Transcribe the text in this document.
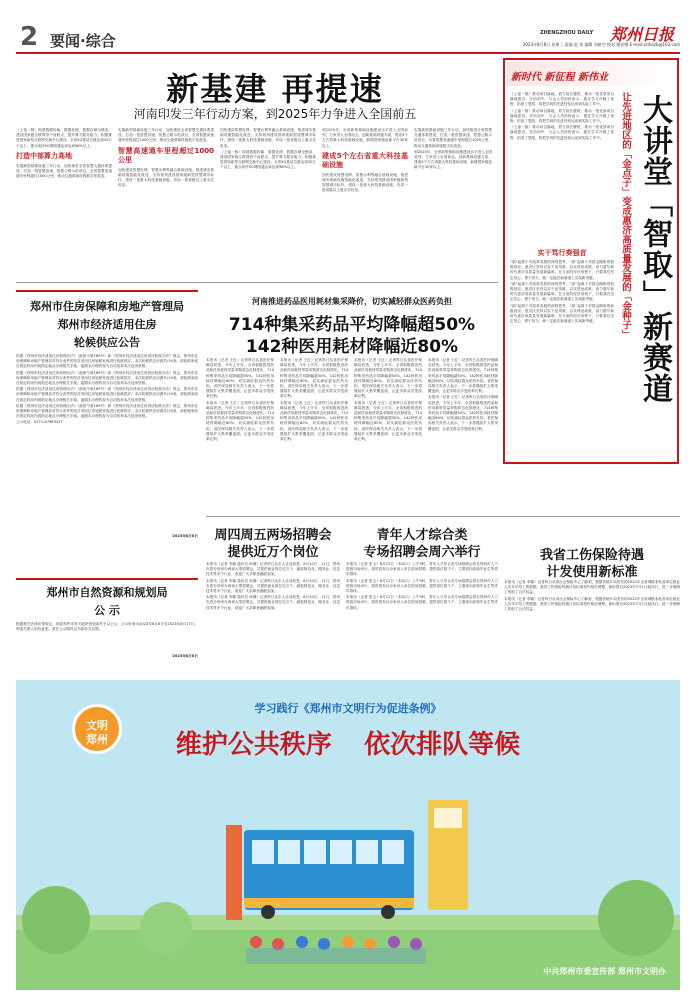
2 要闻·综合	ZHENGZHOU DAILY 郑州日报
2023年8月8日 星期二 责编 赵 伟 编辑 刘新宇 校对 谢安娜 E-mail:zzrbszb@163.com
新基建 再提速
河南印发三年行动方案，到2025年力争进入全国前五

（上接一版）构建数据传输、数据处理、数据存储全链条，建设国家级互联网骨干直联点，提升算力服务能力。积极推进国家新型互联网交换中心建设。全省5G基站总数达到20万个以上，重点场所5G网络通达率达到98%以上。

打造中部算力高地

实施新型基础设施三年行动，加快推进全省智慧交通体系建设，打造一批智慧高速、智慧公路示范项目，全省智慧高速通车里程超过1000公里，推动交通基础设施数字化改造。

实施新型基础设施三年行动，加快推进全省智慧交通体系建设，打造一批智慧高速、智慧公路示范项目，全省智慧高速通车里程超过1000公里，推动交通基础设施数字化改造。

智慧高速通车里程超过1000公里

加快建设智慧电网、智慧水利等融合基础设施，推进城市基础设施智能化改造，支持郑州建设国家级新型智慧城市标杆。建设一批重大科技基础设施，布局一批省级以上重点实验室。

加快建设智慧电网、智慧水利等融合基础设施，推进城市基础设施智能化改造，支持郑州建设国家级新型智慧城市标杆。建设一批重大科技基础设施，布局一批省级以上重点实验室。

（上接一版）构建数据传输、数据处理、数据存储全链条，建设国家级互联网骨干直联点，提升算力服务能力。积极推进国家新型互联网交换中心建设。全省5G基站总数达到20万个以上，重点场所5G网络通达率达到98%以上。

到2025年，全省新型基础设施建设水平进入全国前列，力争进入全国前五。创新基础设施方面，建成5个左右省重大科技基础设施，新增国家级创新平台30家以上。

建成5个左右省重大科技基础设施

加快建设智慧电网、智慧水利等融合基础设施，推进城市基础设施智能化改造，支持郑州建设国家级新型智慧城市标杆。建设一批重大科技基础设施，布局一批省级以上重点实验室。

实施新型基础设施三年行动，加快推进全省智慧交通体系建设，打造一批智慧高速、智慧公路示范项目，全省智慧高速通车里程超过1000公里，推动交通基础设施数字化改造。

到2025年，全省新型基础设施建设水平进入全国前列，力争进入全国前五。创新基础设施方面，建成5个左右省重大科技基础设施，新增国家级创新平台30家以上。

新时代 新征程 新伟业

（上接一版）推动项目落地，着力扬长避短，推动一批优质项目落地惠济。在培训中，与会人员纷纷表示，通过学习开阔了视野、拓宽了思路，将把学到的先进经验运用到实际工作中。

（上接一版）推动项目落地，着力扬长避短，推动一批优质项目落地惠济。在培训中，与会人员纷纷表示，通过学习开阔了视野、拓宽了思路，将把学到的先进经验运用到实际工作中。

（上接一版）推动项目落地，着力扬长避短，推动一批优质项目落地惠济。在培训中，与会人员纷纷表示，通过学习开阔了视野、拓宽了思路，将把学到的先进经验运用到实际工作中。

实干笃行奏强音

“那”起源于对改革发展的深刻思考，“那”起源于对群众期盼的积极回应。惠济区坚持以实干论英雄，以实绩论成败，奋力谱写新时代惠济高质量发展新篇章。在当前的经济形势下，只要我们坚定信心，勇于担当，就一定能在新赛道上实现新突破。

“那”起源于对改革发展的深刻思考，“那”起源于对群众期盼的积极回应。惠济区坚持以实干论英雄，以实绩论成败，奋力谱写新时代惠济高质量发展新篇章。在当前的经济形势下，只要我们坚定信心，勇于担当，就一定能在新赛道上实现新突破。

“那”起源于对改革发展的深刻思考，“那”起源于对群众期盼的积极回应。惠济区坚持以实干论英雄，以实绩论成败，奋力谱写新时代惠济高质量发展新篇章。在当前的经济形势下，只要我们坚定信心，勇于担当，就一定能在新赛道上实现新突破。	让先进地区的「金点子」变成惠济高质量发展的「金种子」 大讲堂「智取」新赛道
郑州市住房保障和房地产管理局
郑州市经济适用住房
轮候供应公告

依据《郑州市经济适用住房管理办法》（政府令第189号）和《郑州市经济适用住房供应轮候办法》规定，郑州市住房保障和房地产管理局对符合条件的经济适用住房轮候家庭进行轮候供应。本次轮候供应房源共计4套，请轮候家庭在规定时间内到指定地点办理相关手续。逾期未办理的视为自动放弃本次选房资格。

依据《郑州市经济适用住房管理办法》（政府令第189号）和《郑州市经济适用住房供应轮候办法》规定，郑州市住房保障和房地产管理局对符合条件的经济适用住房轮候家庭进行轮候供应。本次轮候供应房源共计4套，请轮候家庭在规定时间内到指定地点办理相关手续。逾期未办理的视为自动放弃本次选房资格。

依据《郑州市经济适用住房管理办法》（政府令第189号）和《郑州市经济适用住房供应轮候办法》规定，郑州市住房保障和房地产管理局对符合条件的经济适用住房轮候家庭进行轮候供应。本次轮候供应房源共计4套，请轮候家庭在规定时间内到指定地点办理相关手续。逾期未办理的视为自动放弃本次选房资格。

依据《郑州市经济适用住房管理办法》（政府令第189号）和《郑州市经济适用住房供应轮候办法》规定，郑州市住房保障和房地产管理局对符合条件的经济适用住房轮候家庭进行轮候供应。本次轮候供应房源共计4套，请轮候家庭在规定时间内到指定地点办理相关手续。逾期未办理的视为自动放弃本次选房资格。

公示电话：0371-67983317

2023年8月8日
郑州市自然资源和规划局
公 示

根据相关法律法规规定，现将郑州市有关地块规划条件予以公示，公示时间为2023年8月8日至2023年8月17日。利害关系人如有意见，请在公示期内以书面形式反馈。

2023年8月8日
河南推进药品医用耗材集采降价，切实减轻群众医药负担
714种集采药品平均降幅超50%
142种医用耗材降幅近80%

本报讯（记者 王红）记者昨日从省医疗保障局获悉，今年上半年，全省积极推进药品和医用耗材带量采购常态化制度化，714种集采药品平均降幅超50%，142种医用耗材降幅近80%，切实减轻群众医药负担。省医保局相关负责人表示，下一步将继续扩大集采覆盖面，让更多群众享受改革红利。

本报讯（记者 王红）记者昨日从省医疗保障局获悉，今年上半年，全省积极推进药品和医用耗材带量采购常态化制度化，714种集采药品平均降幅超50%，142种医用耗材降幅近80%，切实减轻群众医药负担。省医保局相关负责人表示，下一步将继续扩大集采覆盖面，让更多群众享受改革红利。

本报讯（记者 王红）记者昨日从省医疗保障局获悉，今年上半年，全省积极推进药品和医用耗材带量采购常态化制度化，714种集采药品平均降幅超50%，142种医用耗材降幅近80%，切实减轻群众医药负担。省医保局相关负责人表示，下一步将继续扩大集采覆盖面，让更多群众享受改革红利。

本报讯（记者 王红）记者昨日从省医疗保障局获悉，今年上半年，全省积极推进药品和医用耗材带量采购常态化制度化，714种集采药品平均降幅超50%，142种医用耗材降幅近80%，切实减轻群众医药负担。省医保局相关负责人表示，下一步将继续扩大集采覆盖面，让更多群众享受改革红利。

本报讯（记者 王红）记者昨日从省医疗保障局获悉，今年上半年，全省积极推进药品和医用耗材带量采购常态化制度化，714种集采药品平均降幅超50%，142种医用耗材降幅近80%，切实减轻群众医药负担。省医保局相关负责人表示，下一步将继续扩大集采覆盖面，让更多群众享受改革红利。

本报讯（记者 王红）记者昨日从省医疗保障局获悉，今年上半年，全省积极推进药品和医用耗材带量采购常态化制度化，714种集采药品平均降幅超50%，142种医用耗材降幅近80%，切实减轻群众医药负担。省医保局相关负责人表示，下一步将继续扩大集采覆盖面，让更多群众享受改革红利。

本报讯（记者 王红）记者昨日从省医疗保障局获悉，今年上半年，全省积极推进药品和医用耗材带量采购常态化制度化，714种集采药品平均降幅超50%，142种医用耗材降幅近80%，切实减轻群众医药负担。省医保局相关负责人表示，下一步将继续扩大集采覆盖面，让更多群众享受改革红利。

本报讯（记者 王红）记者昨日从省医疗保障局获悉，今年上半年，全省积极推进药品和医用耗材带量采购常态化制度化，714种集采药品平均降幅超50%，142种医用耗材降幅近80%，切实减轻群众医药负担。省医保局相关负责人表示，下一步将继续扩大集采覆盖面，让更多群众享受改革红利。

周四周五两场招聘会
提供近万个岗位

本报讯（记者 李娜 通讯员 孙静）记者昨日从市人社局获悉，8月10日、11日，郑州市将分别举办两场大型招聘会，共提供就业岗位近万个，涵盖制造业、服务业、信息技术等多个行业，欢迎广大求职者踊跃参加。

本报讯（记者 李娜 通讯员 孙静）记者昨日从市人社局获悉，8月10日、11日，郑州市将分别举办两场大型招聘会，共提供就业岗位近万个，涵盖制造业、服务业、信息技术等多个行业，欢迎广大求职者踊跃参加。

本报讯（记者 李娜 通讯员 孙静）记者昨日从市人社局获悉，8月10日、11日，郑州市将分别举办两场大型招聘会，共提供就业岗位近万个，涵盖制造业、服务业、信息技术等多个行业，欢迎广大求职者踊跃参加。

青年人才综合类
专场招聘会周六举行

本报讯（记者 张玉）8月12日（本周六）上午9时，青年人才综合类专场招聘会将在郑州市人力资源市场举行，届时将有百余家用人单位进场招聘，提供岗位数千个，主要面向高校毕业生等青年群体。

本报讯（记者 张玉）8月12日（本周六）上午9时，青年人才综合类专场招聘会将在郑州市人力资源市场举行，届时将有百余家用人单位进场招聘，提供岗位数千个，主要面向高校毕业生等青年群体。

本报讯（记者 张玉）8月12日（本周六）上午9时，青年人才综合类专场招聘会将在郑州市人力资源市场举行，届时将有百余家用人单位进场招聘，提供岗位数千个，主要面向高校毕业生等青年群体。

我省工伤保险待遇
计发使用新标准

本报讯（记者 李娜）记者昨日从省社会保险中心了解到，根据省统计局发布的2022年全省城镇非私营单位就业人员年平均工资数据，我省工伤保险待遇计发标准将作相应调整，新标准自2023年7月1日起执行，进一步保障工伤职工合法权益。

本报讯（记者 李娜）记者昨日从省社会保险中心了解到，根据省统计局发布的2022年全省城镇非私营单位就业人员年平均工资数据，我省工伤保险待遇计发标准将作相应调整，新标准自2023年7月1日起执行，进一步保障工伤职工合法权益。

文明
郑州
学习践行《郑州市文明行为促进条例》
维护公共秩序 依次排队等候
中共郑州市委宣传部 郑州市文明办
